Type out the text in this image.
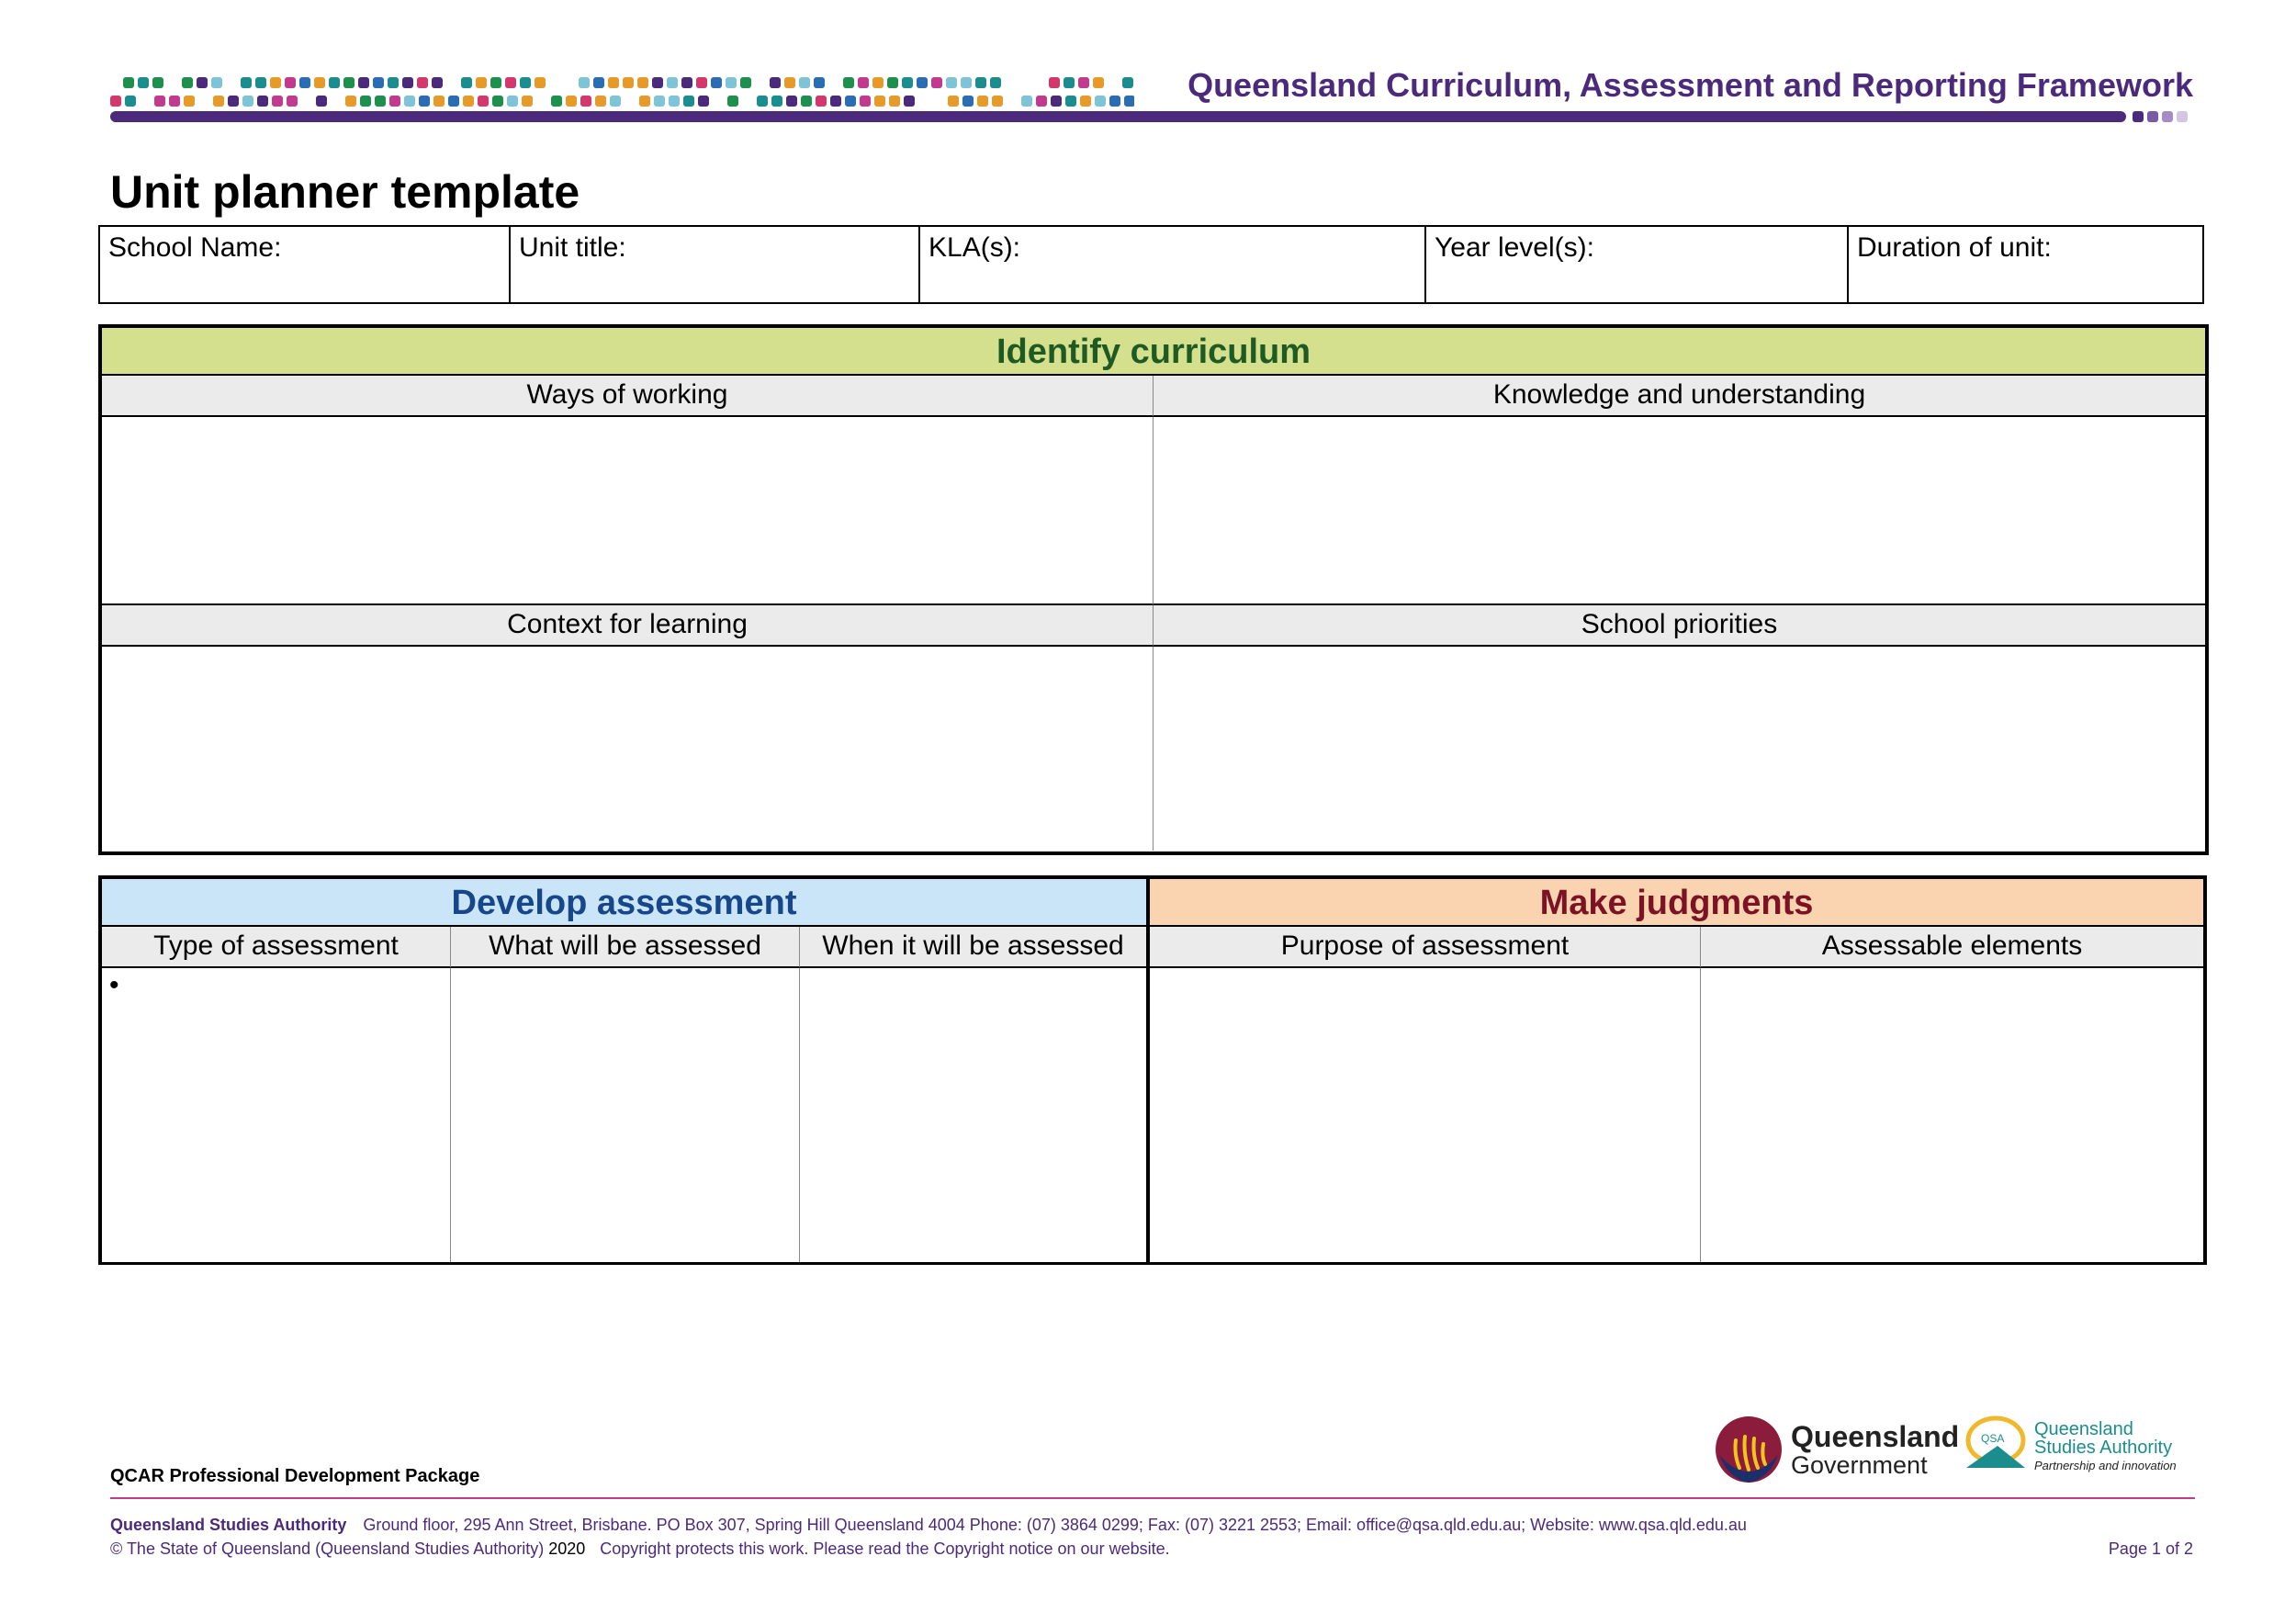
Queensland Curriculum, Assessment and Reporting Framework
Unit planner template
School Name:	Unit title:	KLA(s):	Year level(s):	Duration of unit:
Identify curriculum
Ways of working	Knowledge and understanding
Context for learning	School priorities
Develop assessment
Type of assessment	What will be assessed	When it will be assessed
•
Make judgments
Purpose of assessment	Assessable elements
QCAR Professional Development Package
Queensland
Government
QSA Queensland
Studies Authority
Partnership and innovation
Queensland Studies Authority Ground floor, 295 Ann Street, Brisbane. PO Box 307, Spring Hill Queensland 4004 Phone: (07) 3864 0299; Fax: (07) 3221 2553; Email: office@qsa.qld.edu.au; Website: www.qsa.qld.edu.au
© The State of Queensland (Queensland Studies Authority) 2020 Copyright protects this work. Please read the Copyright notice on our website.	Page 1 of 2
